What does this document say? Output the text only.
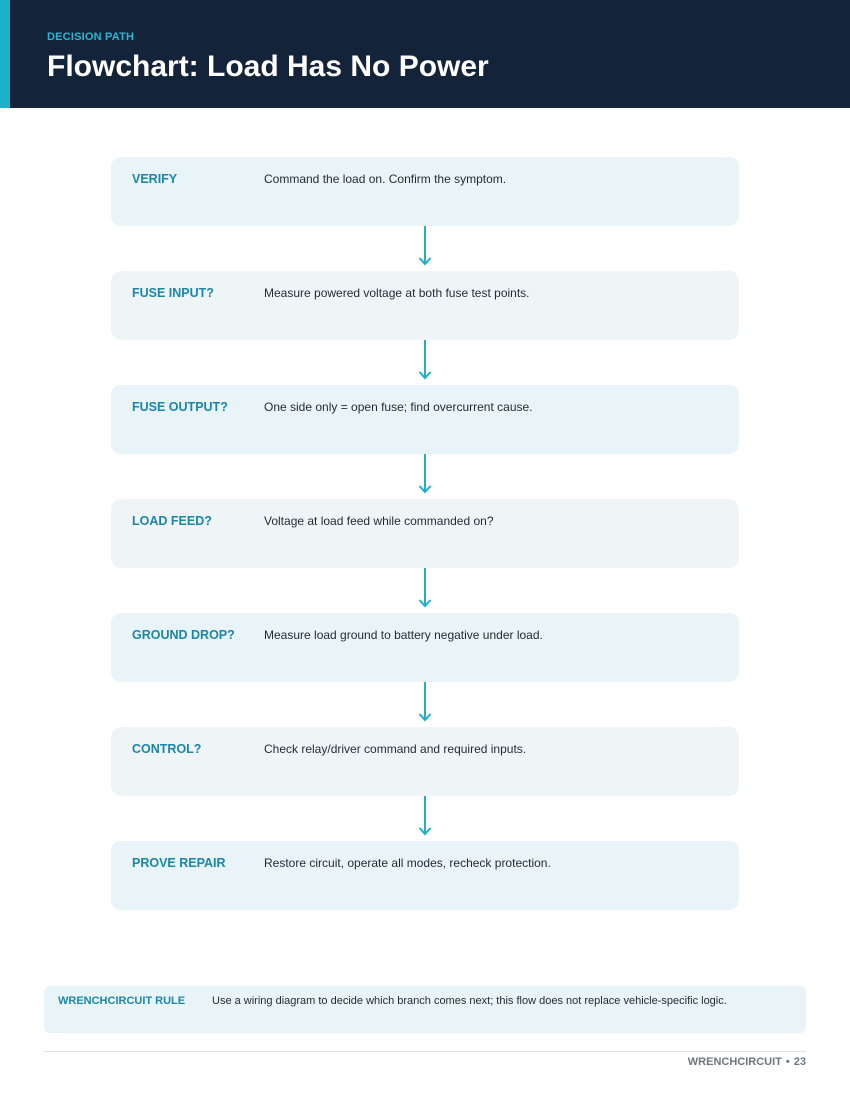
DECISION PATH
Flowchart: Load Has No Power
VERIFY	Command the load on. Confirm the symptom.
FUSE INPUT?	Measure powered voltage at both fuse test points.
FUSE OUTPUT?	One side only = open fuse; find overcurrent cause.
LOAD FEED?	Voltage at load feed while commanded on?
GROUND DROP? Measure load ground to battery negative under load.
CONTROL?	Check relay/driver command and required inputs.
PROVE REPAIR	Restore circuit, operate all modes, recheck protection.
WRENCHCIRCUIT RULE Use a wiring diagram to decide which branch comes next; this flow does not replace vehicle-specific logic.
WRENCHCIRCUIT • 23
